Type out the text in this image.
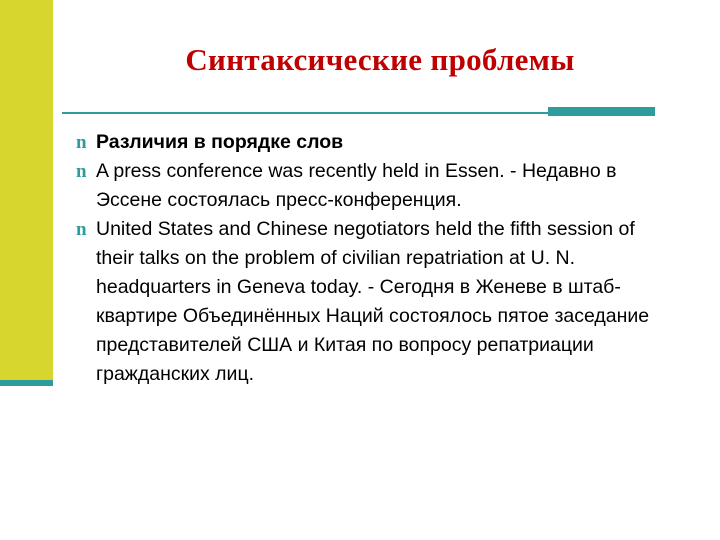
Синтаксические проблемы
n Различия в порядке слов
n A press conference was recently held in Essen. - Недавно в Эссене состоялась пресс-конференция.
n United States and Chinese negotiators held the fifth session of their talks on the problem of civilian repatriation at U. N. headquarters in Geneva today. - Сегодня в Женеве в штаб-квартире Объединённых Наций состоялось пятое заседание представителей США и Китая по вопросу репатриации гражданских лиц.
